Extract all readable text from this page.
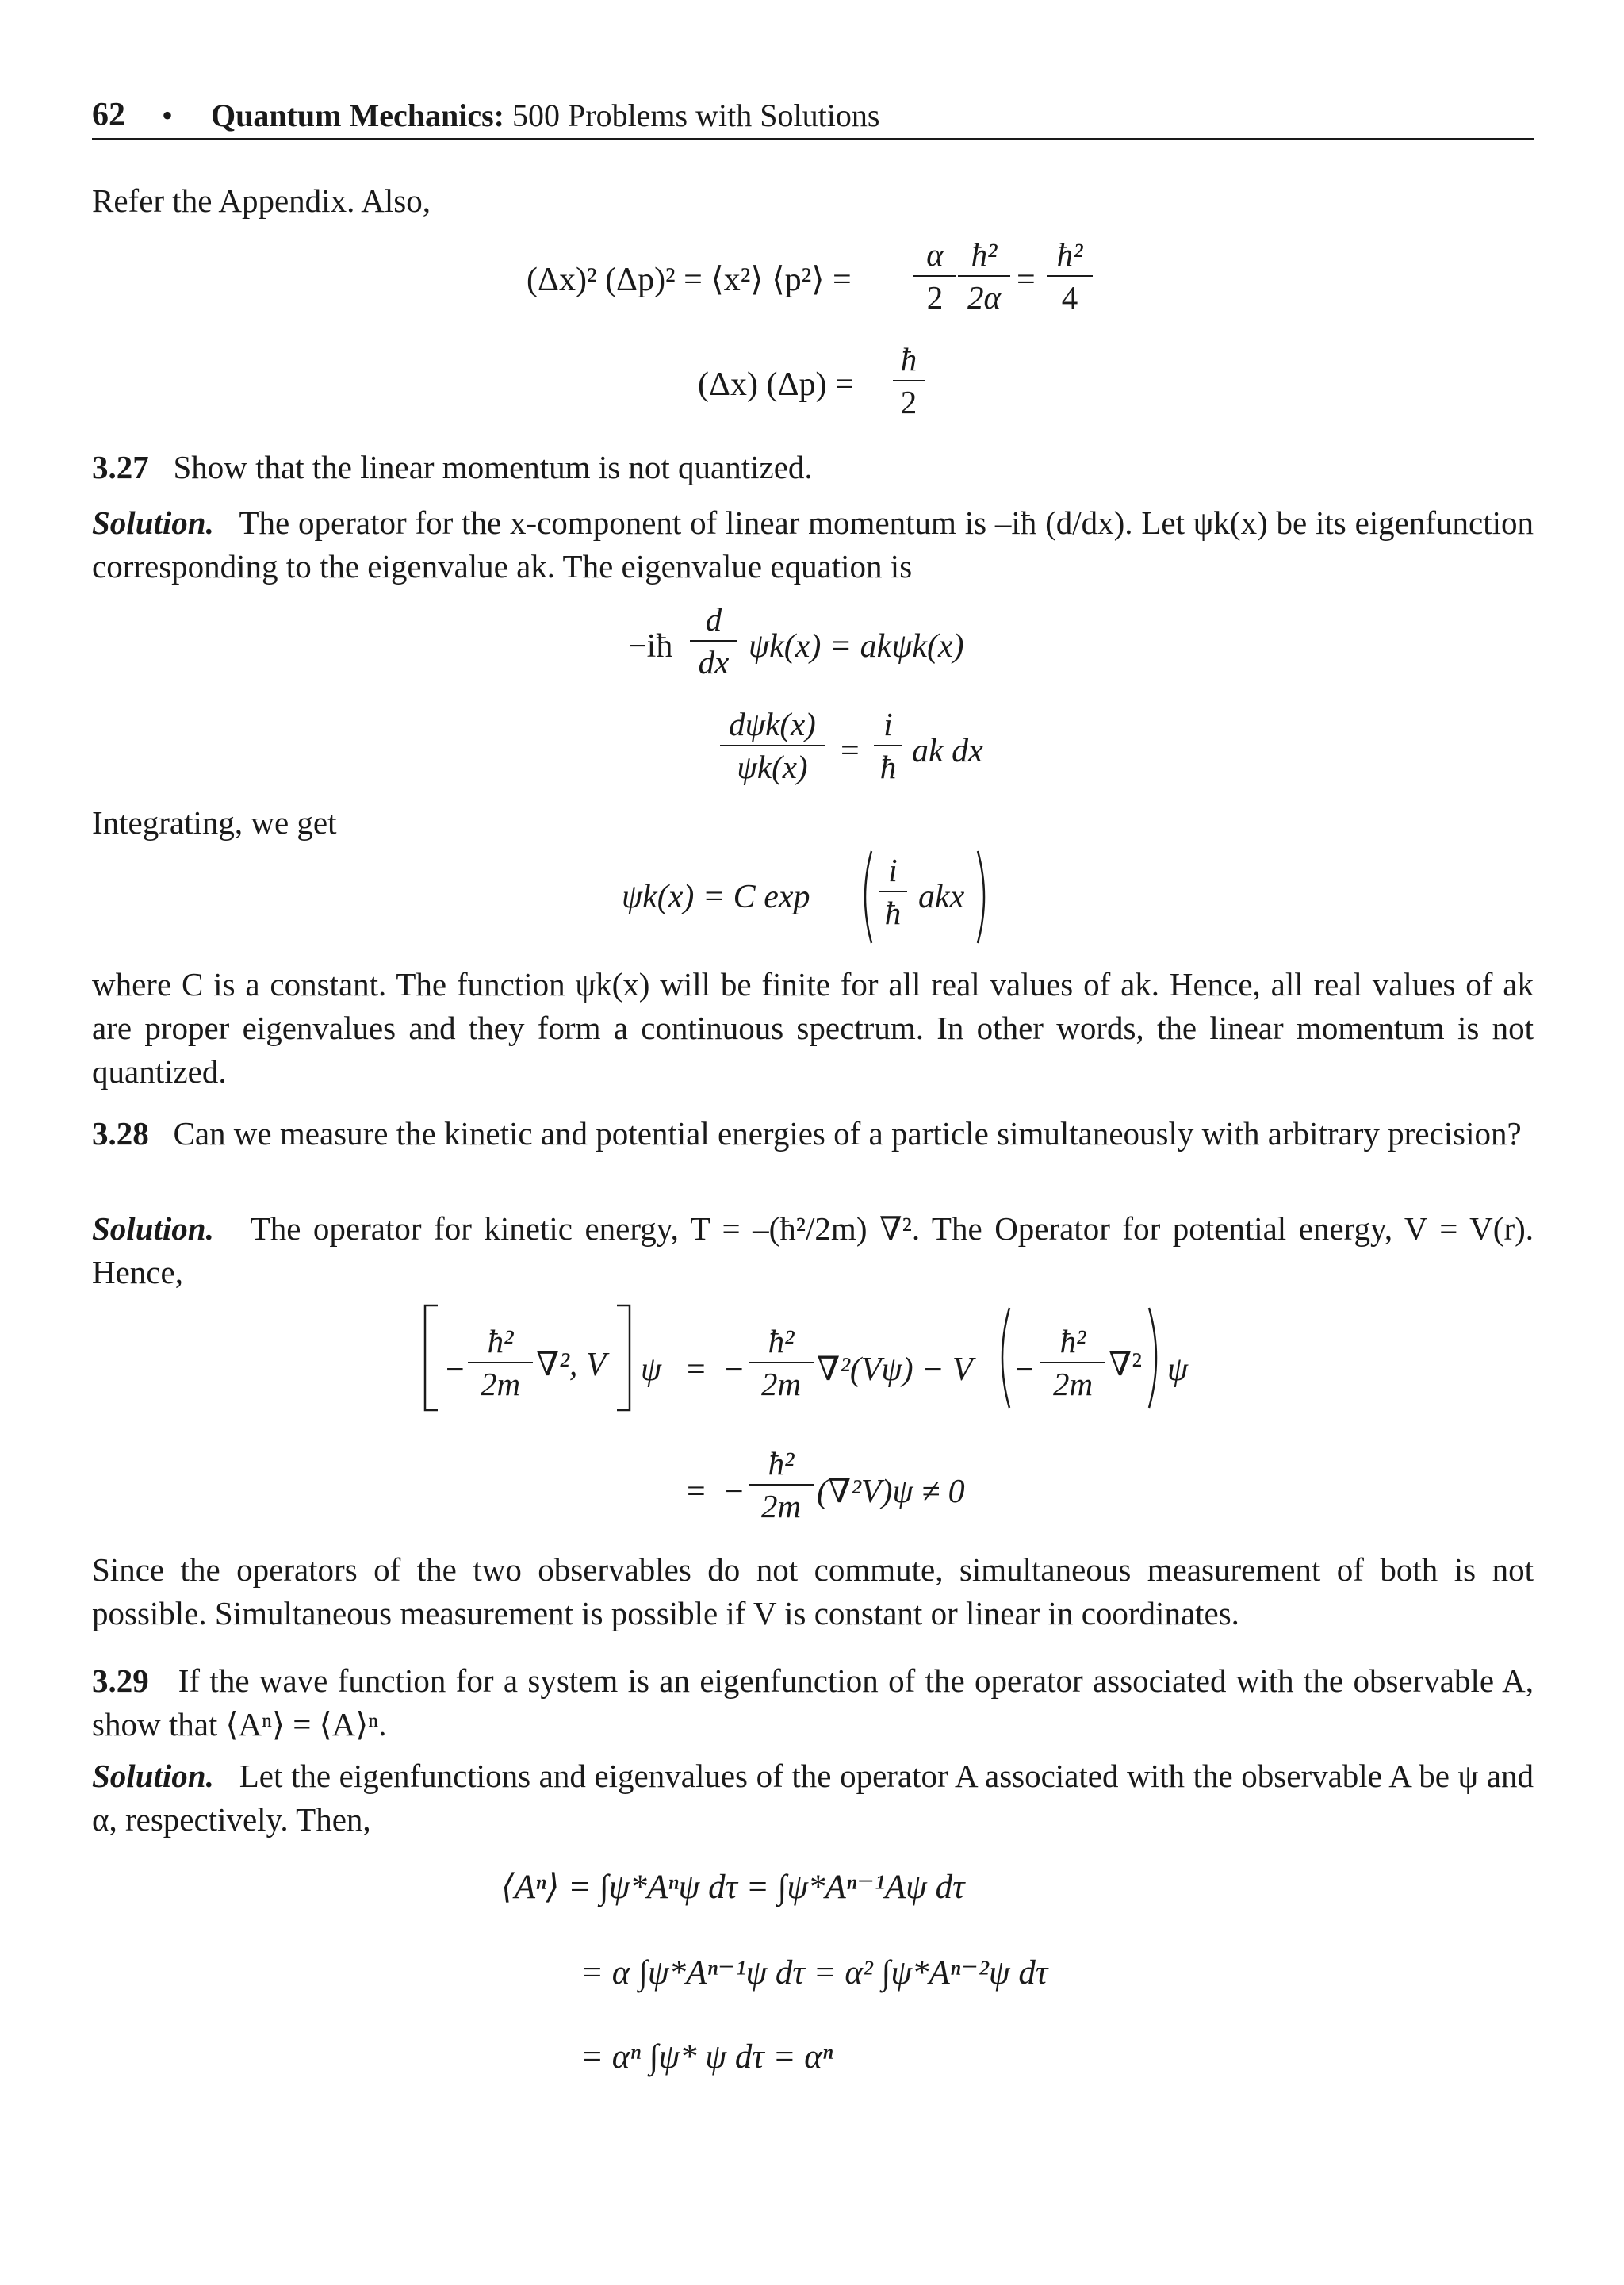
62 • Quantum Mechanics: 500 Problems with Solutions
Refer the Appendix. Also,
(Δx)² (Δp)² = ⟨x²⟩ ⟨p²⟩ =
α
2
ħ²
2α =
ħ²
4
(Δx) (Δp) =
ħ
2
3.27 Show that the linear momentum is not quantized.
Solution. The operator for the x-component of linear momentum is –iħ (d/dx). Let ψk(x) be its eigenfunction corresponding to the eigenvalue ak. The eigenvalue equation is
−iħ
d
dx ψk(x) = akψk(x)
dψk(x)
ψk(x) =
i
ħ ak dx
Integrating, we get
ψk(x) = C exp
i
ħ akx
where C is a constant. The function ψk(x) will be finite for all real values of ak. Hence, all real values of ak are proper eigenvalues and they form a continuous spectrum. In other words, the linear momentum is not quantized.
3.28 Can we measure the kinetic and potential energies of a particle simultaneously with arbitrary precision?
Solution. The operator for kinetic energy, T = –(ħ²/2m) ∇². The Operator for potential energy, V = V(r). Hence,
−
ħ²
2m
∇², V ψ = −
ħ²
2m ∇²(Vψ) − V −
ħ²
2m
∇² ψ
= −
ħ²
2m (∇²V)ψ ≠ 0
Since the operators of the two observables do not commute, simultaneous measurement of both is not possible. Simultaneous measurement is possible if V is constant or linear in coordinates.
3.29 If the wave function for a system is an eigenfunction of the operator associated with the observable A, show that ⟨Aⁿ⟩ = ⟨A⟩ⁿ.
Solution. Let the eigenfunctions and eigenvalues of the operator A associated with the observable A be ψ and α, respectively. Then,
⟨Aⁿ⟩ = ∫ψ*Aⁿψ dτ = ∫ψ*Aⁿ⁻¹Aψ dτ
= α ∫ψ*Aⁿ⁻¹ψ dτ = α² ∫ψ*Aⁿ⁻²ψ dτ
= αⁿ ∫ψ* ψ dτ = αⁿ
